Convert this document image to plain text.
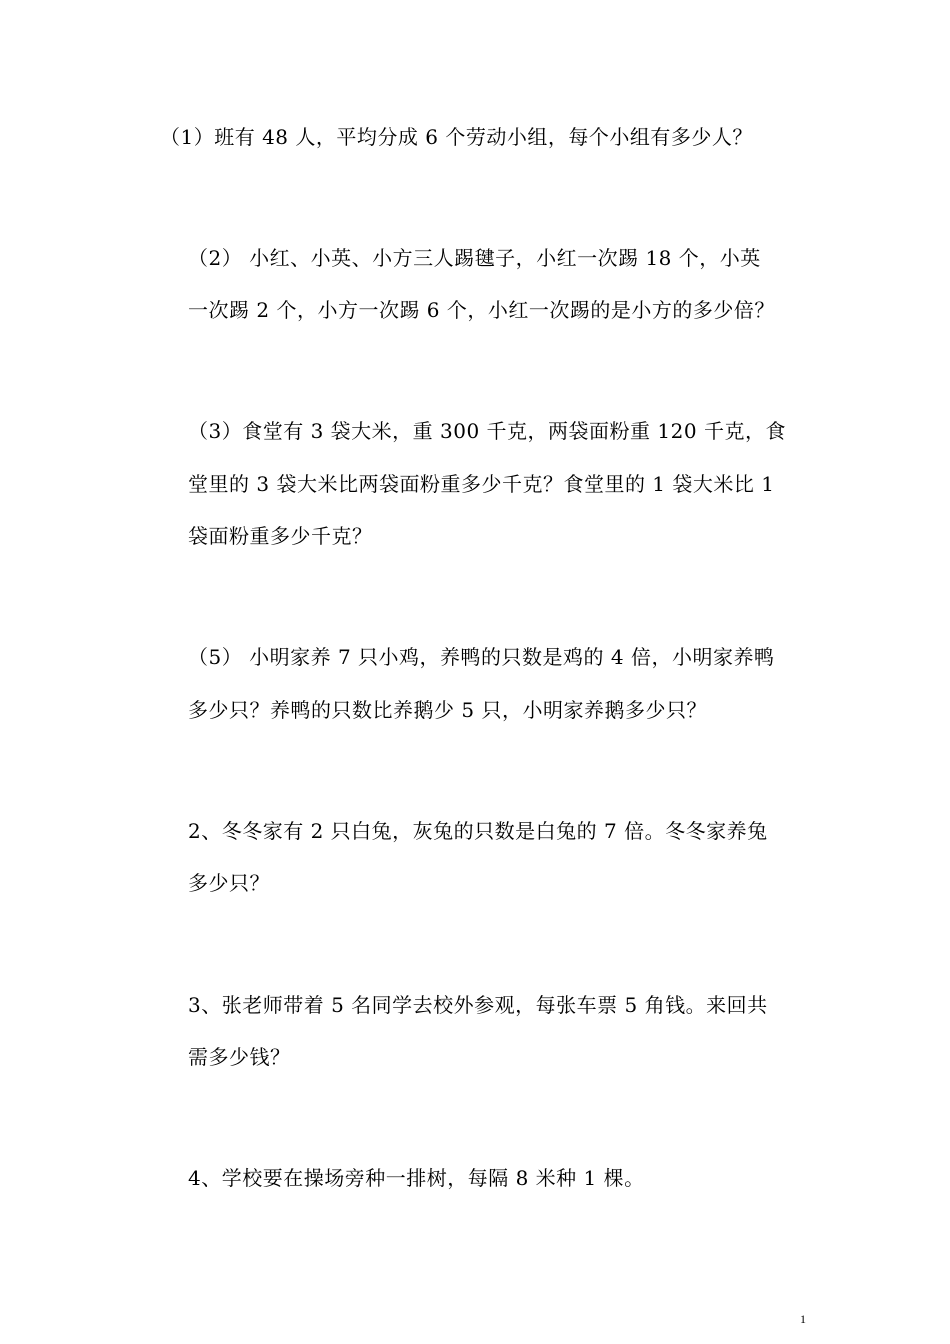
（1）班有 48 人，平均分成 6 个劳动小组，每个小组有多少人？
（2） 小红、小英、小方三人踢毽子，小红一次踢 18 个，小英
一次踢 2 个，小方一次踢 6 个，小红一次踢的是小方的多少倍？
（3）食堂有 3 袋大米，重 300 千克，两袋面粉重 120 千克，食
堂里的 3 袋大米比两袋面粉重多少千克？食堂里的 1 袋大米比 1
袋面粉重多少千克？
（5） 小明家养 7 只小鸡，养鸭的只数是鸡的 4 倍，小明家养鸭
多少只？养鸭的只数比养鹅少 5 只，小明家养鹅多少只？
2、冬冬家有 2 只白兔，灰兔的只数是白兔的 7 倍。冬冬家养兔
多少只？
3、张老师带着 5 名同学去校外参观，每张车票 5 角钱。来回共
需多少钱？
4、学校要在操场旁种一排树，每隔 8 米种 1 棵。
1
